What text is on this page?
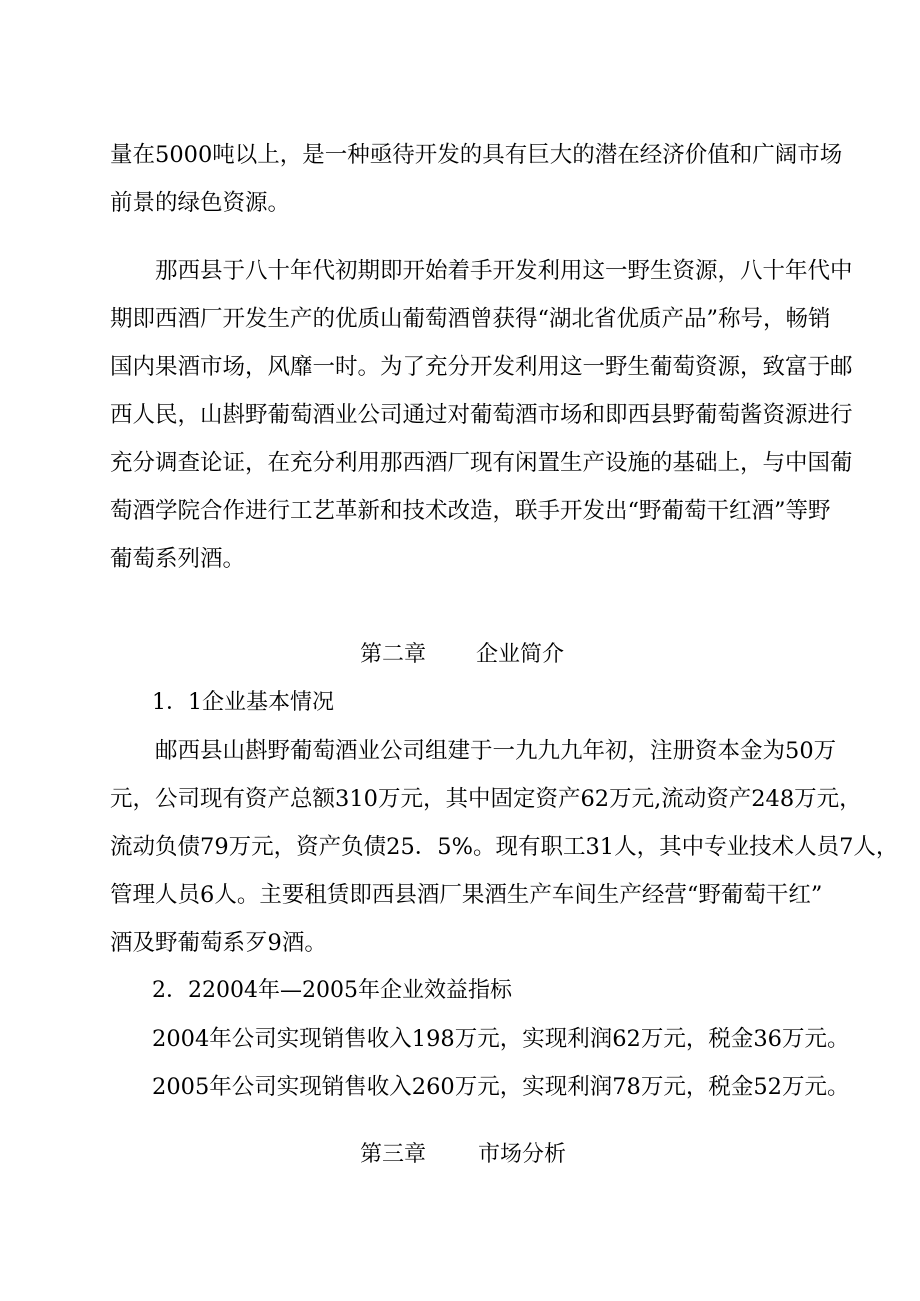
量在5000吨以上，是一种亟待开发的具有巨大的潜在经济价值和广阔市场
前景的绿色资源。
　　那西县于八十年代初期即开始着手开发利用这一野生资源，八十年代中
期即西酒厂开发生产的优质山葡萄酒曾获得“湖北省优质产品”称号，畅销
国内果酒市场，风靡一时。为了充分开发利用这一野生葡萄资源，致富于邮
西人民，山斟野葡萄酒业公司通过对葡萄酒市场和即西县野葡萄酱资源进行
充分调查论证，在充分利用那西酒厂现有闲置生产设施的基础上，与中国葡
萄酒学院合作进行工艺革新和技术改造，联手开发出“野葡萄干红酒”等野
葡萄系列酒。
第二章 企业简介
1．1企业基本情况
　　邮西县山斟野葡萄酒业公司组建于一九九九年初，注册资本金为50万
元，公司现有资产总额310万元，其中固定资产62万元,流动资产248万元，
流动负债79万元，资产负债25．5%。现有职工31人，其中专业技术人员7人，
管理人员6人。主要租赁即西县酒厂果酒生产车间生产经营“野葡萄干红”
酒及野葡萄系歹9酒。
2．22004年—2005年企业效益指标
2004年公司实现销售收入198万元，实现利润62万元，税金36万元。
2005年公司实现销售收入260万元，实现利润78万元，税金52万元。
第三章 市场分析
